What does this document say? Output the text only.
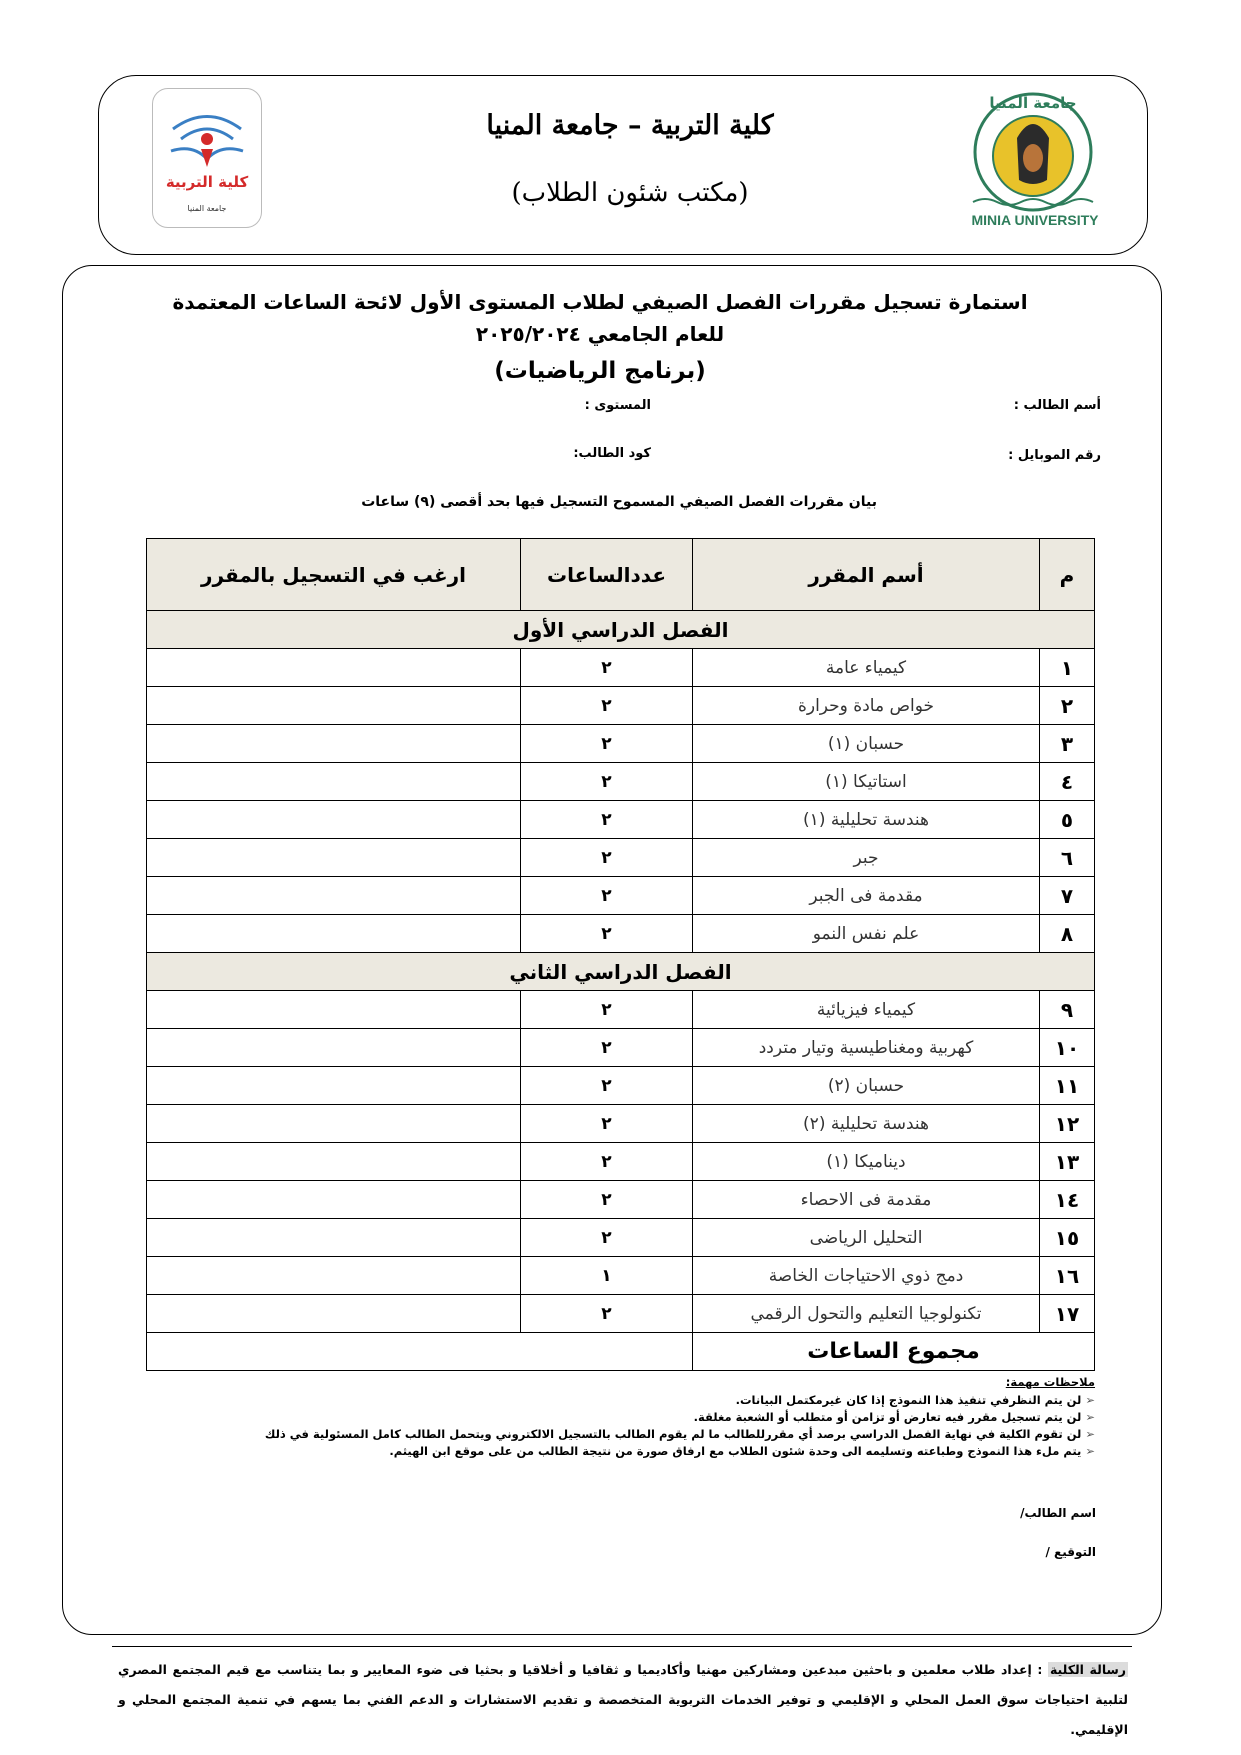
كلية التربية
جامعة المنيا
كلية التربية – جامعة المنيا
(مكتب شئون الطلاب)
جامعة المنيا
MINIA UNIVERSITY
استمارة تسجيل مقررات الفصل الصيفي لطلاب المستوى الأول لائحة الساعات المعتمدة
للعام الجامعي ٢٠٢٥/٢٠٢٤
(برنامج الرياضيات)
أسم الطالب :
المستوى :
رقم الموبايل :
كود الطالب:
بيان مقررات الفصل الصيفي المسموح التسجيل فيها بحد أقصى (٩) ساعات
م	أسم المقرر	عددالساعات	ارغب في التسجيل بالمقرر
الفصل الدراسي الأول			
١	كيمياء عامة	٢	
٢	خواص مادة وحرارة	٢	
٣	حسبان (١)	٢	
٤	استاتيكا (١)	٢	
٥	هندسة تحليلية (١)	٢	
٦	جبر	٢	
٧	مقدمة فى الجبر	٢	
٨	علم نفس النمو	٢	
الفصل الدراسي الثاني			
٩	كيمياء فيزيائية	٢	
١٠	كهربية ومغناطيسية وتيار متردد	٢	
١١	حسبان (٢)	٢	
١٢	هندسة تحليلية (٢)	٢	
١٣	ديناميكا (١)	٢	
١٤	مقدمة فى الاحصاء	٢	
١٥	التحليل الرياضى	٢	
١٦	دمج ذوي الاحتياجات الخاصة	١	
١٧	تكنولوجيا التعليم والتحول الرقمي	٢	
مجموع الساعات			
ملاحظات مهمة:
➢لن يتم النظرفي تنفيذ هذا النموذج إذا كان غيرمكتمل البيانات.
➢لن يتم تسجيل مقرر فيه تعارض أو تزامن أو متطلب أو الشعبة مغلقة.
➢لن تقوم الكلية في نهاية الفصل الدراسي برصد أي مقررللطالب ما لم يقوم الطالب بالتسجيل الالكتروني ويتحمل الطالب كامل المسئولية في ذلك
➢يتم ملء هذا النموذج وطباعته وتسليمه الى وحدة شئون الطلاب مع ارفاق صورة من نتيجة الطالب من على موقع ابن الهيثم.
اسم الطالب/
التوقيع /
رسالة الكلية : إعداد طلاب معلمين و باحثين مبدعين ومشاركين مهنيا وأكاديميا و ثقافيا و أخلاقيا و بحثيا فى ضوء المعايير و بما يتناسب مع قيم المجتمع المصري لتلبية احتياجات سوق العمل المحلي و الإقليمي و توفير الخدمات التربوية المتخصصة و تقديم الاستشارات و الدعم الفني بما يسهم في تنمية المجتمع المحلي و الإقليمي.
